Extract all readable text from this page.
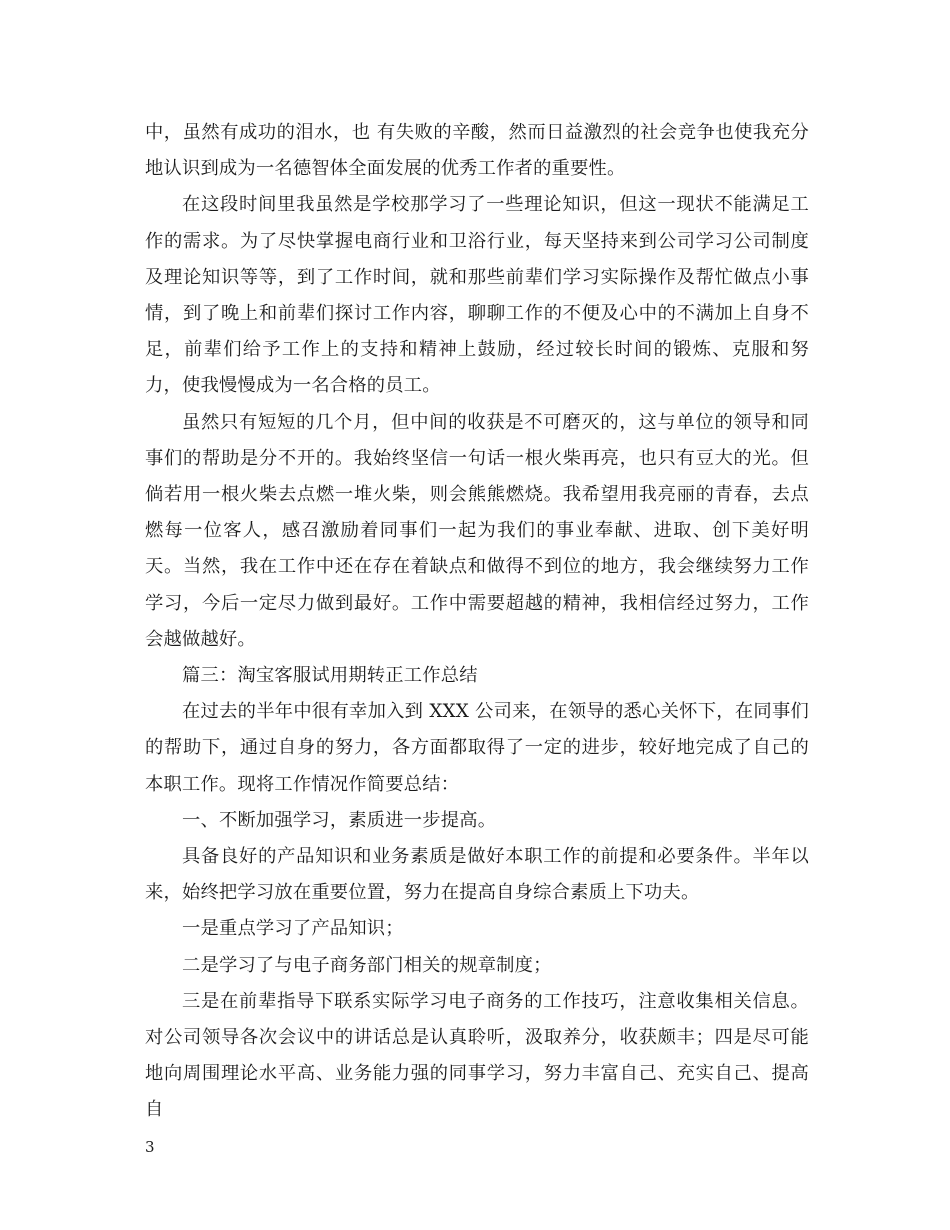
中，虽然有成功的泪水，也 有失败的辛酸，然而日益激烈的社会竞争也使我充分地认识到成为一名德智体全面发展的优秀工作者的重要性。

在这段时间里我虽然是学校那学习了一些理论知识，但这一现状不能满足工作的需求。为了尽快掌握电商行业和卫浴行业，每天坚持来到公司学习公司制度及理论知识等等，到了工作时间，就和那些前辈们学习实际操作及帮忙做点小事情，到了晚上和前辈们探讨工作内容，聊聊工作的不便及心中的不满加上自身不足，前辈们给予工作上的支持和精神上鼓励，经过较长时间的锻炼、克服和努力，使我慢慢成为一名合格的员工。

虽然只有短短的几个月，但中间的收获是不可磨灭的，这与单位的领导和同事们的帮助是分不开的。我始终坚信一句话一根火柴再亮，也只有豆大的光。但倘若用一根火柴去点燃一堆火柴，则会熊熊燃烧。我希望用我亮丽的青春，去点燃每一位客人，感召激励着同事们一起为我们的事业奉献、进取、创下美好明天。当然，我在工作中还在存在着缺点和做得不到位的地方，我会继续努力工作学习，今后一定尽力做到最好。工作中需要超越的精神，我相信经过努力，工作会越做越好。

篇三：淘宝客服试用期转正工作总结

在过去的半年中很有幸加入到 XXX 公司来，在领导的悉心关怀下，在同事们的帮助下，通过自身的努力，各方面都取得了一定的进步，较好地完成了自己的本职工作。现将工作情况作简要总结：

一、不断加强学习，素质进一步提高。

具备良好的产品知识和业务素质是做好本职工作的前提和必要条件。半年以来，始终把学习放在重要位置，努力在提高自身综合素质上下功夫。

一是重点学习了产品知识；

二是学习了与电子商务部门相关的规章制度；

三是在前辈指导下联系实际学习电子商务的工作技巧，注意收集相关信息。对公司领导各次会议中的讲话总是认真聆听，汲取养分，收获颇丰；四是尽可能地向周围理论水平高、业务能力强的同事学习，努力丰富自己、充实自己、提高自

3
